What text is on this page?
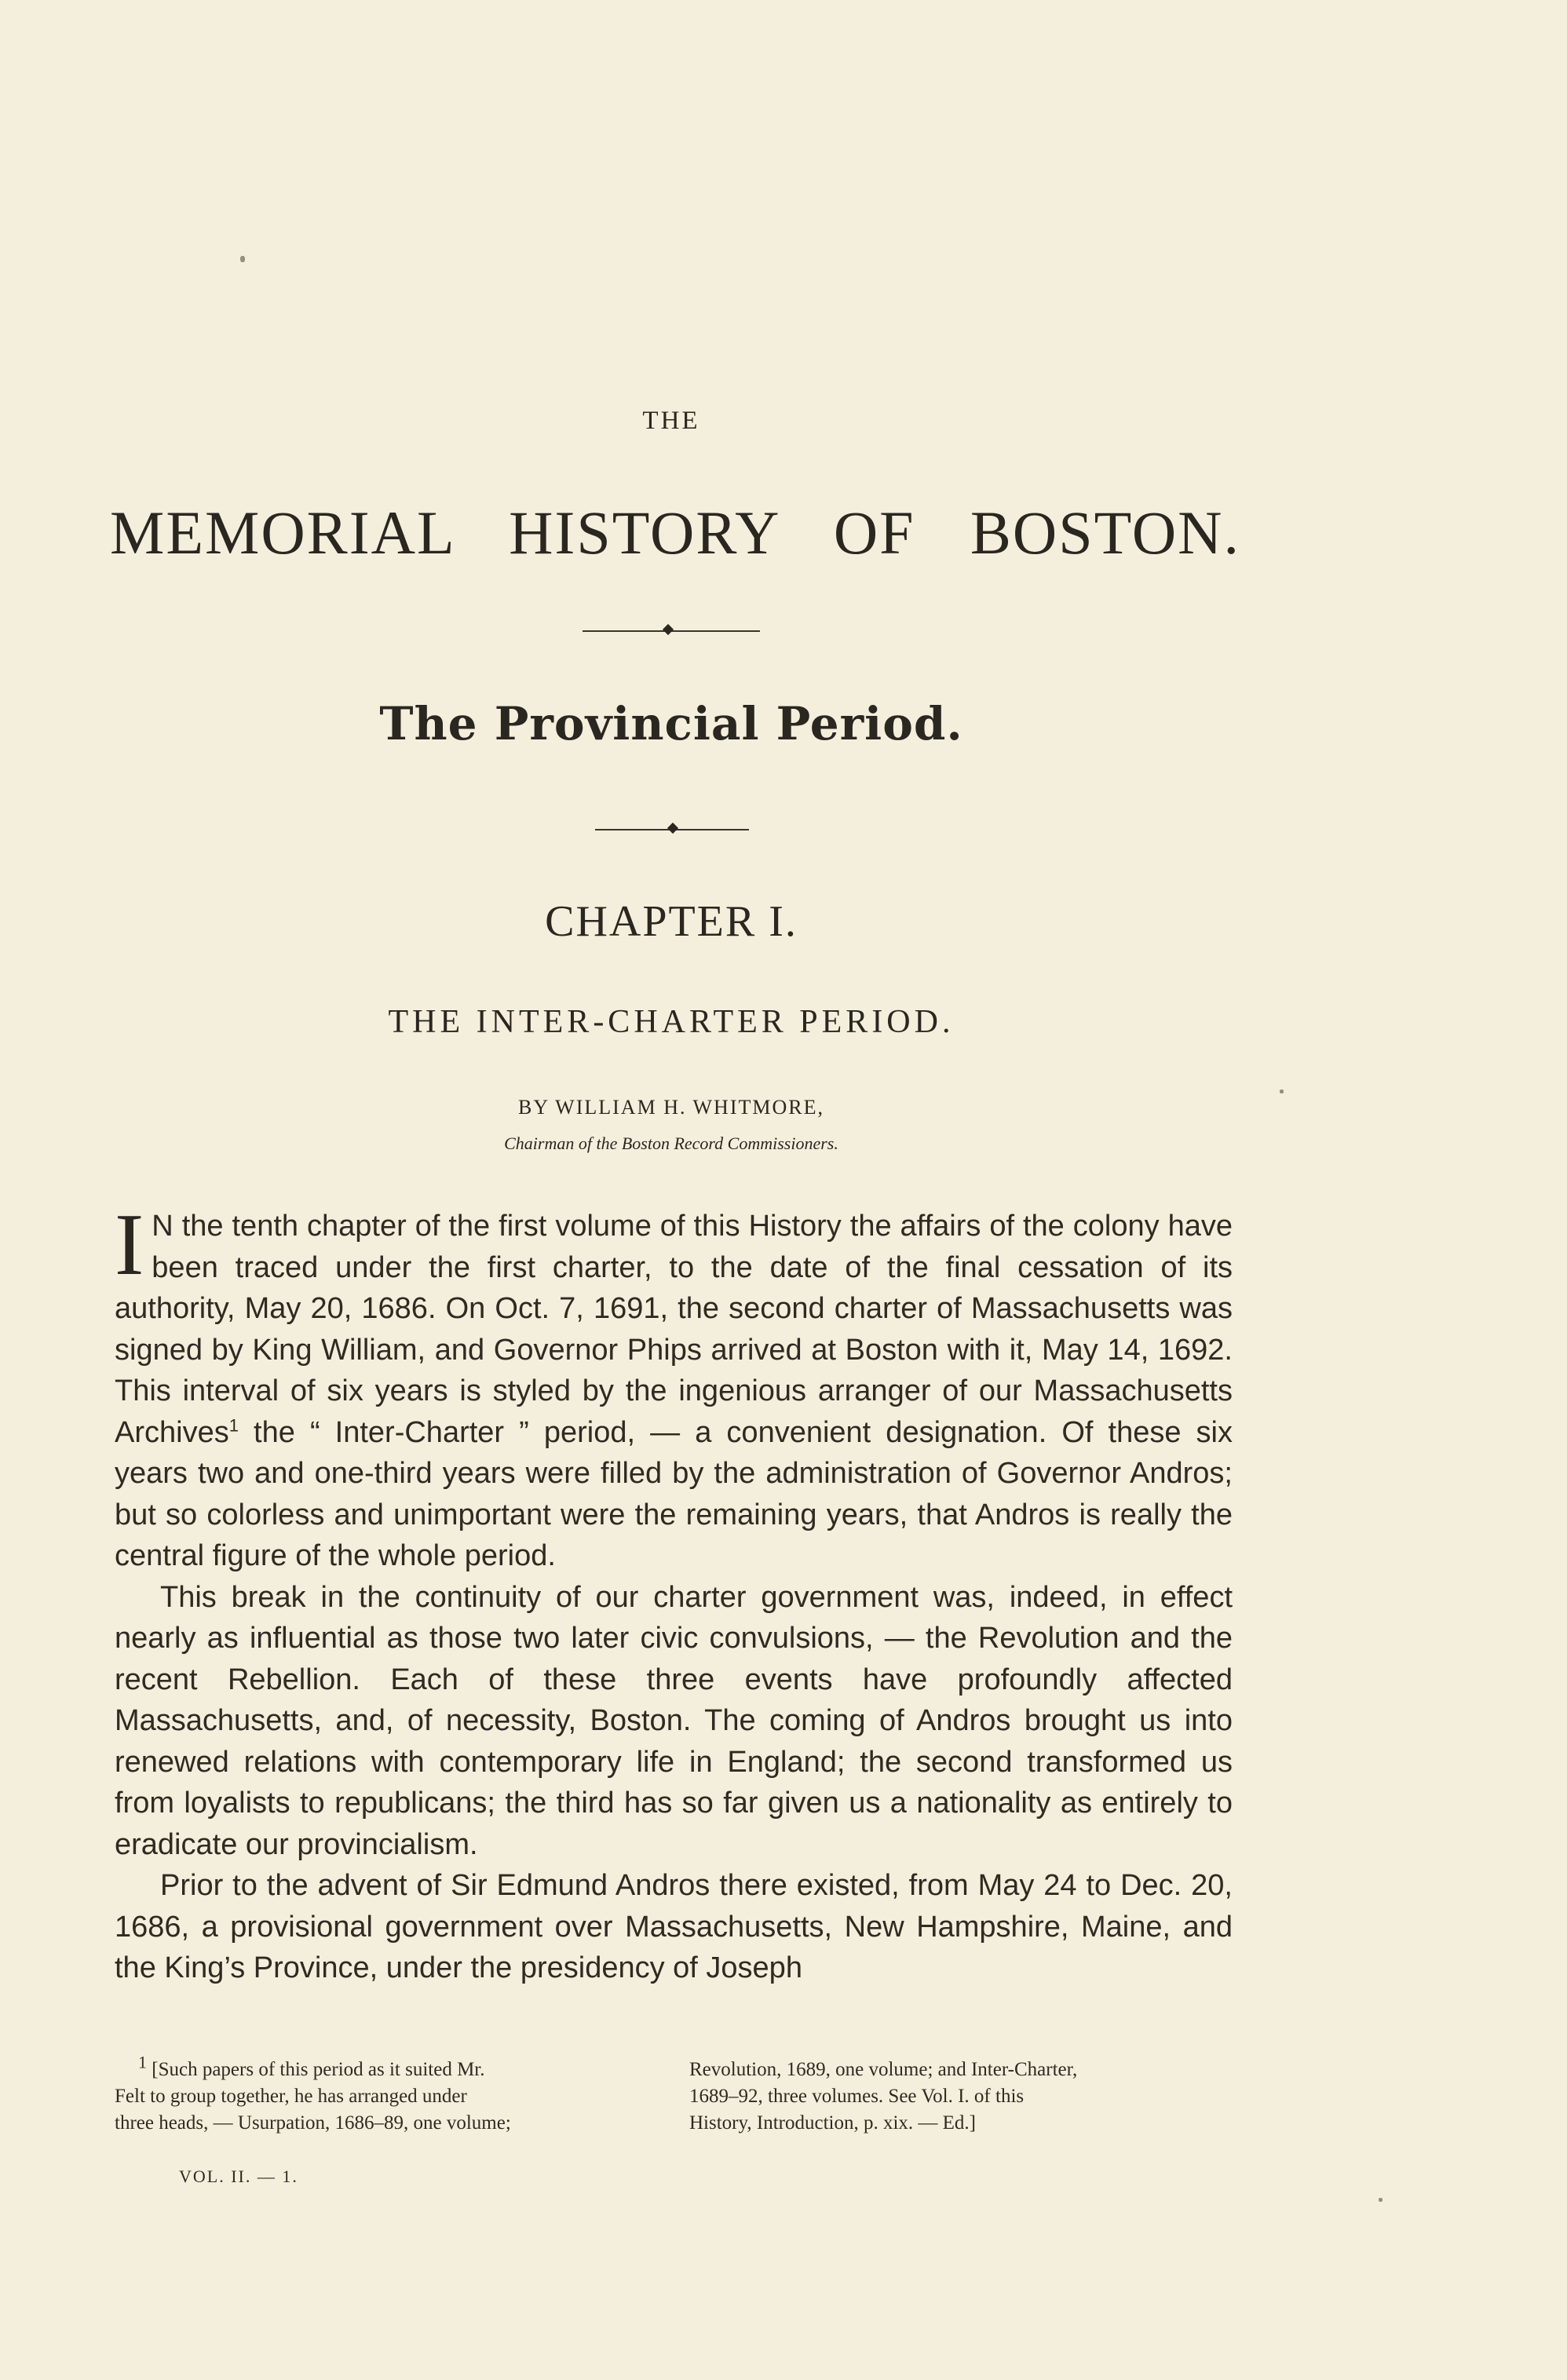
THE
MEMORIAL HISTORY OF BOSTON.
The Provincial Period.
CHAPTER I.
THE INTER-CHARTER PERIOD.
BY WILLIAM H. WHITMORE,
Chairman of the Boston Record Commissioners.

I N the tenth chapter of the first volume of this History the affairs of the colony have been traced under the first charter, to the date of the final cessation of its authority, May 20, 1686. On Oct. 7, 1691, the second charter of Massachusetts was signed by King William, and Governor Phips arrived at Boston with it, May 14, 1692. This interval of six years is styled by the ingenious arranger of our Massachusetts Archives$^1$ the “ Inter-Charter ” period, — a convenient designation. Of these six years two and one-third years were filled by the administration of Governor Andros; but so colorless and unimportant were the remaining years, that Andros is really the central figure of the whole period.

This break in the continuity of our charter government was, indeed, in effect nearly as influential as those two later civic convulsions, — the Revolution and the recent Rebellion. Each of these three events have profoundly affected Massachusetts, and, of necessity, Boston. The coming of Andros brought us into renewed relations with contemporary life in England; the second transformed us from loyalists to republicans; the third has so far given us a nationality as entirely to eradicate our provincialism.

Prior to the advent of Sir Edmund Andros there existed, from May 24 to Dec. 20, 1686, a provisional government over Massachusetts, New Hampshire, Maine, and the King’s Province, under the presidency of Joseph

$^1$ [Such papers of this period as it suited Mr.
Felt to group together, he has arranged under
three heads, — Usurpation, 1686–89, one volume;
Revolution, 1689, one volume; and Inter-Charter,
1689–92, three volumes. See Vol. I. of this
History, Introduction, p. xix. — Ed.]
VOL. II. — 1.
